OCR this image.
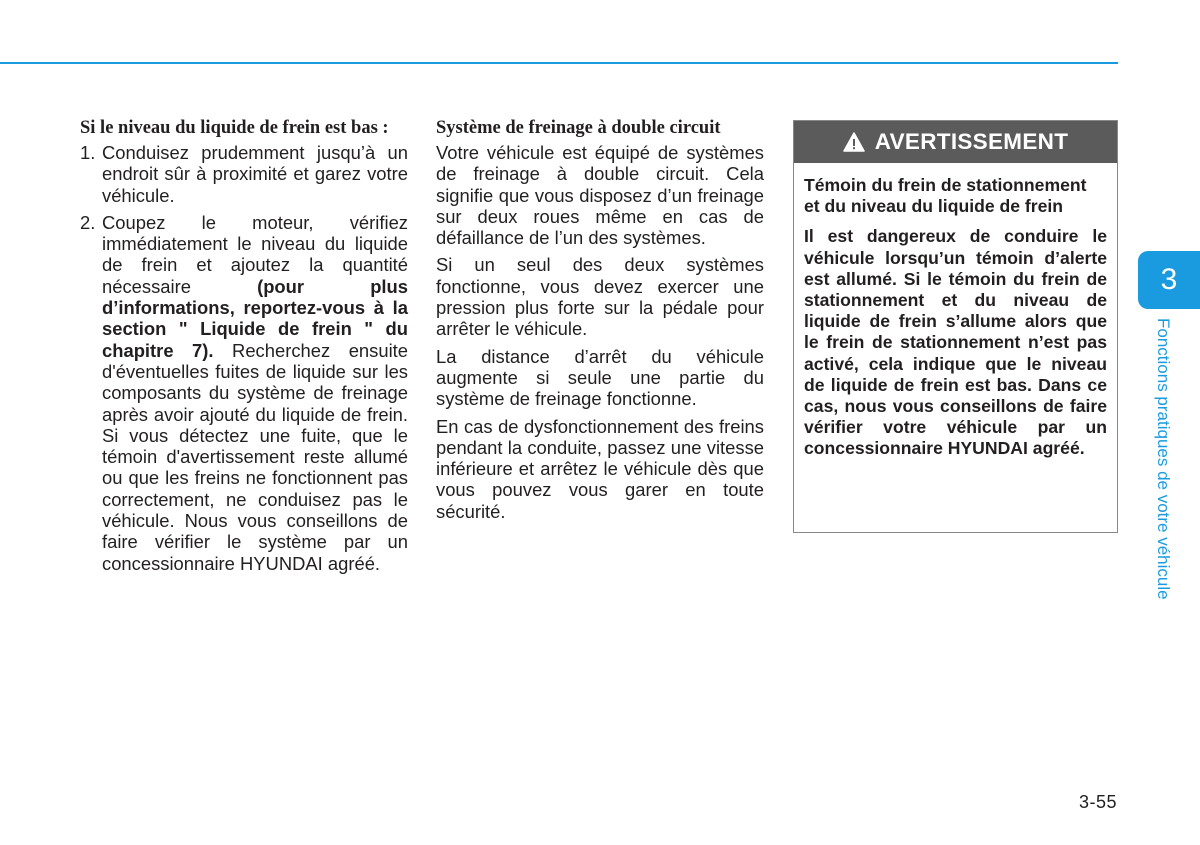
Si le niveau du liquide de frein est bas :
1. Conduisez prudemment jusqu’à un endroit sûr à proximité et garez votre véhicule.
2. Coupez le moteur, vérifiez immédiatement le niveau du liquide de frein et ajoutez la quantité nécessaire (pour plus d’informations, reportez-vous à la section " Liquide de frein " du chapitre 7). Recherchez ensuite d'éventuelles fuites de liquide sur les composants du système de freinage après avoir ajouté du liquide de frein. Si vous détectez une fuite, que le témoin d'avertissement reste allumé ou que les freins ne fonctionnent pas correctement, ne conduisez pas le véhicule. Nous vous conseillons de faire vérifier le système par un concessionnaire HYUNDAI agréé.
Système de freinage à double circuit

Votre véhicule est équipé de systèmes de freinage à double circuit. Cela signifie que vous disposez d’un freinage sur deux roues même en cas de défaillance de l’un des systèmes.

Si un seul des deux systèmes fonctionne, vous devez exercer une pression plus forte sur la pédale pour arrêter le véhicule.

La distance d’arrêt du véhicule augmente si seule une partie du système de freinage fonctionne.

En cas de dysfonctionnement des freins pendant la conduite, passez une vitesse inférieure et arrêtez le véhicule dès que vous pouvez vous garer en toute sécurité.

AVERTISSEMENT

Témoin du frein de stationnement et du niveau du liquide de frein

Il est dangereux de conduire le véhicule lorsqu’un témoin d’alerte est allumé. Si le témoin du frein de stationnement et du niveau de liquide de frein s’allume alors que le frein de stationnement n’est pas activé, cela indique que le niveau de liquide de frein est bas. Dans ce cas, nous vous conseillons de faire vérifier votre véhicule par un concessionnaire HYUNDAI agréé.

3
Fonctions pratiques de votre véhicule
3-55
